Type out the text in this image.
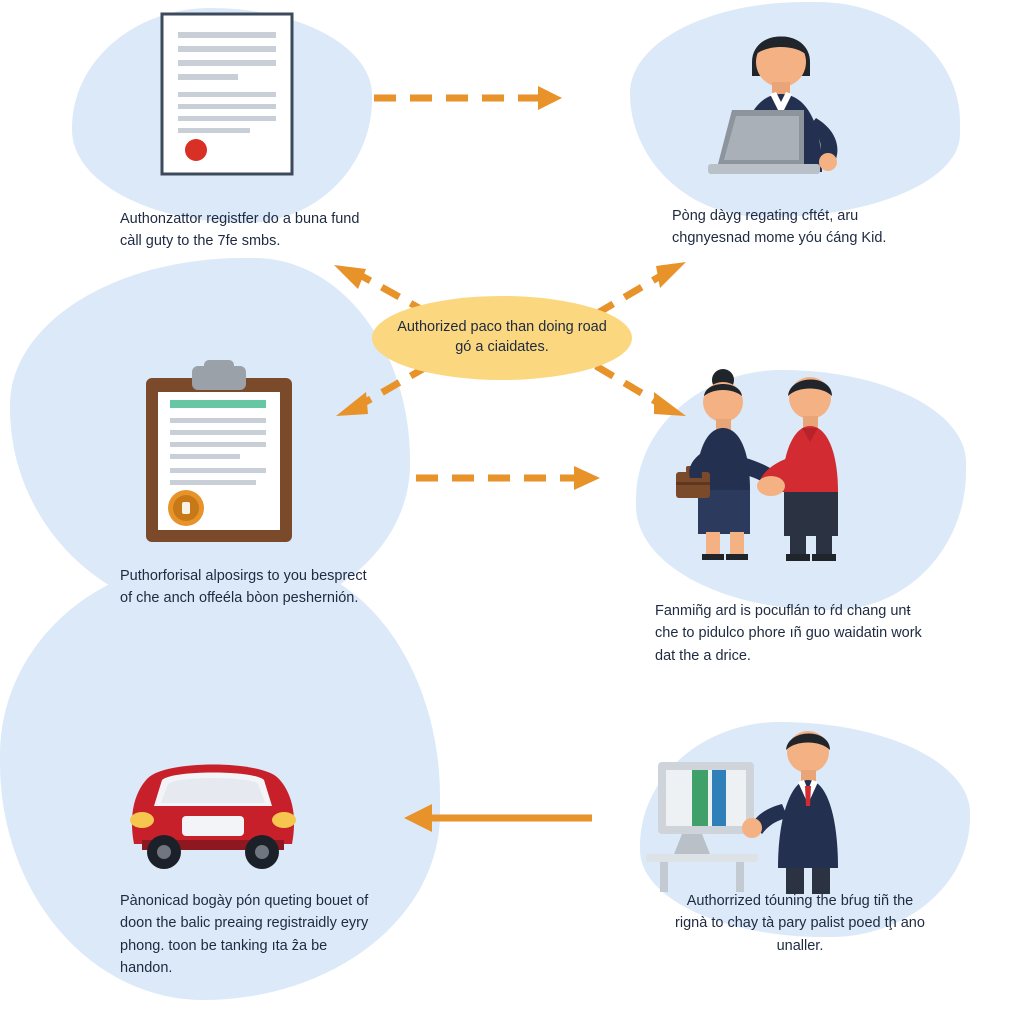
Authorized paco than doing road gó a ciaidates.
Authonzattor registfer do a buna fund càll guty to the 7fe smbs.
Pòng dàyg regating cftét, aru chgnyesnad mome yóu ćáng Kid.
Puthorforisal alposirgs to you besprect of che anch offeéla bòon peshernión.
Fanmiñg ard is pocuflán to ŕd chang unŧ che to pidulco phore ıñ guo waidatin work dat the a drice.
Pànonicad bogày pón queting bouet of doon the balic preaing registraidly eyry phong. toon be tanking ıta ẑa be handon.
Authorrized tóuning the bŕug tiñ the rignà to chay tà pary palist poed tḩ ano unaller.
